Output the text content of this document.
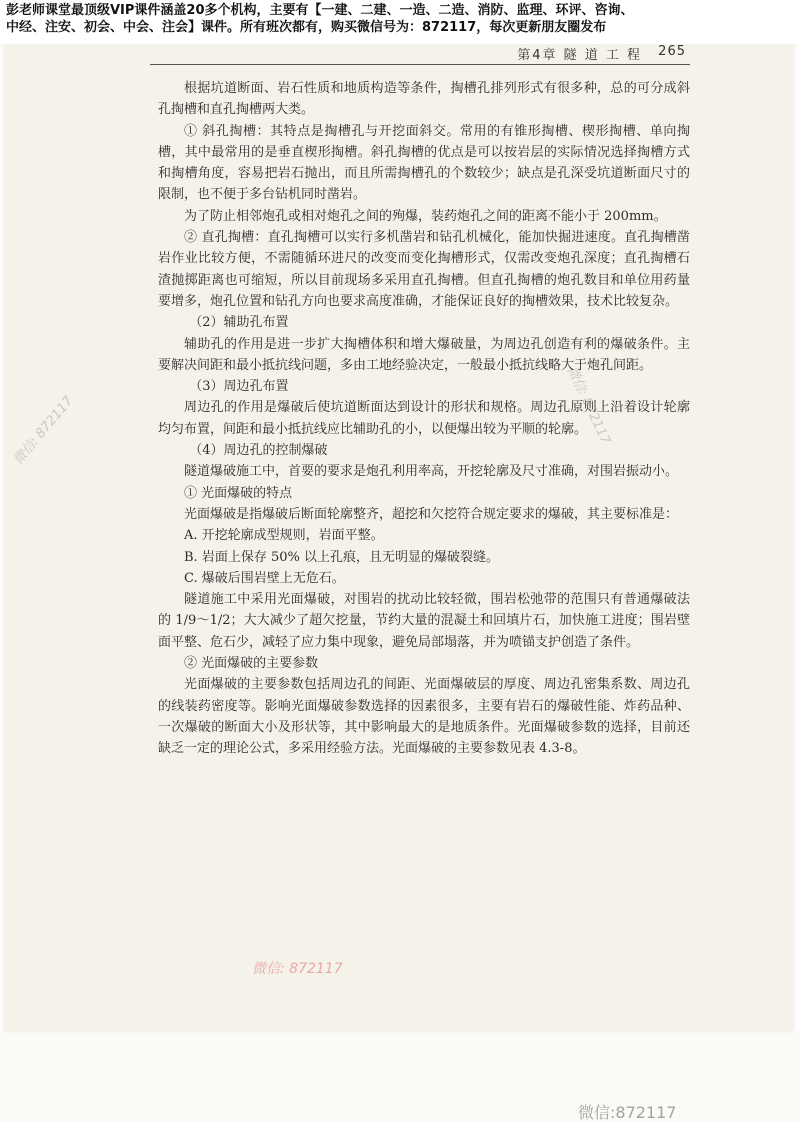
彭老师课堂最顶级VIP课件涵盖20多个机构，主要有【一建、二建、一造、二造、消防、监理、环评、咨询、
中经、注安、初会、中会、注会】课件。所有班次都有，购买微信号为：872117，每次更新朋友圈发布
第4章 隧 道 工 程 265

根据坑道断面、岩石性质和地质构造等条件，掏槽孔排列形式有很多种，总的可分成斜孔掏槽和直孔掏槽两大类。

① 斜孔掏槽：其特点是掏槽孔与开挖面斜交。常用的有锥形掏槽、楔形掏槽、单向掏槽，其中最常用的是垂直楔形掏槽。斜孔掏槽的优点是可以按岩层的实际情况选择掏槽方式和掏槽角度，容易把岩石抛出，而且所需掏槽孔的个数较少；缺点是孔深受坑道断面尺寸的限制，也不便于多台钻机同时凿岩。

为了防止相邻炮孔或相对炮孔之间的殉爆，装药炮孔之间的距离不能小于 200mm。

② 直孔掏槽：直孔掏槽可以实行多机凿岩和钻孔机械化，能加快掘进速度。直孔掏槽凿岩作业比较方便，不需随循环进尺的改变而变化掏槽形式，仅需改变炮孔深度；直孔掏槽石渣抛掷距离也可缩短，所以目前现场多采用直孔掏槽。但直孔掏槽的炮孔数目和单位用药量要增多，炮孔位置和钻孔方向也要求高度准确，才能保证良好的掏槽效果，技术比较复杂。

（2）辅助孔布置

辅助孔的作用是进一步扩大掏槽体积和增大爆破量，为周边孔创造有利的爆破条件。主要解决间距和最小抵抗线问题，多由工地经验决定，一般最小抵抗线略大于炮孔间距。

（3）周边孔布置

周边孔的作用是爆破后使坑道断面达到设计的形状和规格。周边孔原则上沿着设计轮廓均匀布置，间距和最小抵抗线应比辅助孔的小，以便爆出较为平顺的轮廓。

（4）周边孔的控制爆破

隧道爆破施工中，首要的要求是炮孔利用率高，开挖轮廓及尺寸准确，对围岩振动小。

① 光面爆破的特点

光面爆破是指爆破后断面轮廓整齐，超挖和欠挖符合规定要求的爆破，其主要标准是：

A. 开挖轮廓成型规则，岩面平整。

B. 岩面上保存 50% 以上孔痕，且无明显的爆破裂缝。

C. 爆破后围岩壁上无危石。

隧道施工中采用光面爆破，对围岩的扰动比较轻微，围岩松弛带的范围只有普通爆破法的 1/9～1/2；大大减少了超欠挖量，节约大量的混凝土和回填片石，加快施工进度；围岩壁面平整、危石少，减轻了应力集中现象，避免局部塌落，并为喷锚支护创造了条件。

② 光面爆破的主要参数

光面爆破的主要参数包括周边孔的间距、光面爆破层的厚度、周边孔密集系数、周边孔的线装药密度等。影响光面爆破参数选择的因素很多，主要有岩石的爆破性能、炸药品种、一次爆破的断面大小及形状等，其中影响最大的是地质条件。光面爆破参数的选择，目前还缺乏一定的理论公式，多采用经验方法。光面爆破的主要参数见表 4.3-8。

微信: 872117	微信: 872117
微信: 872117
微信:872117
